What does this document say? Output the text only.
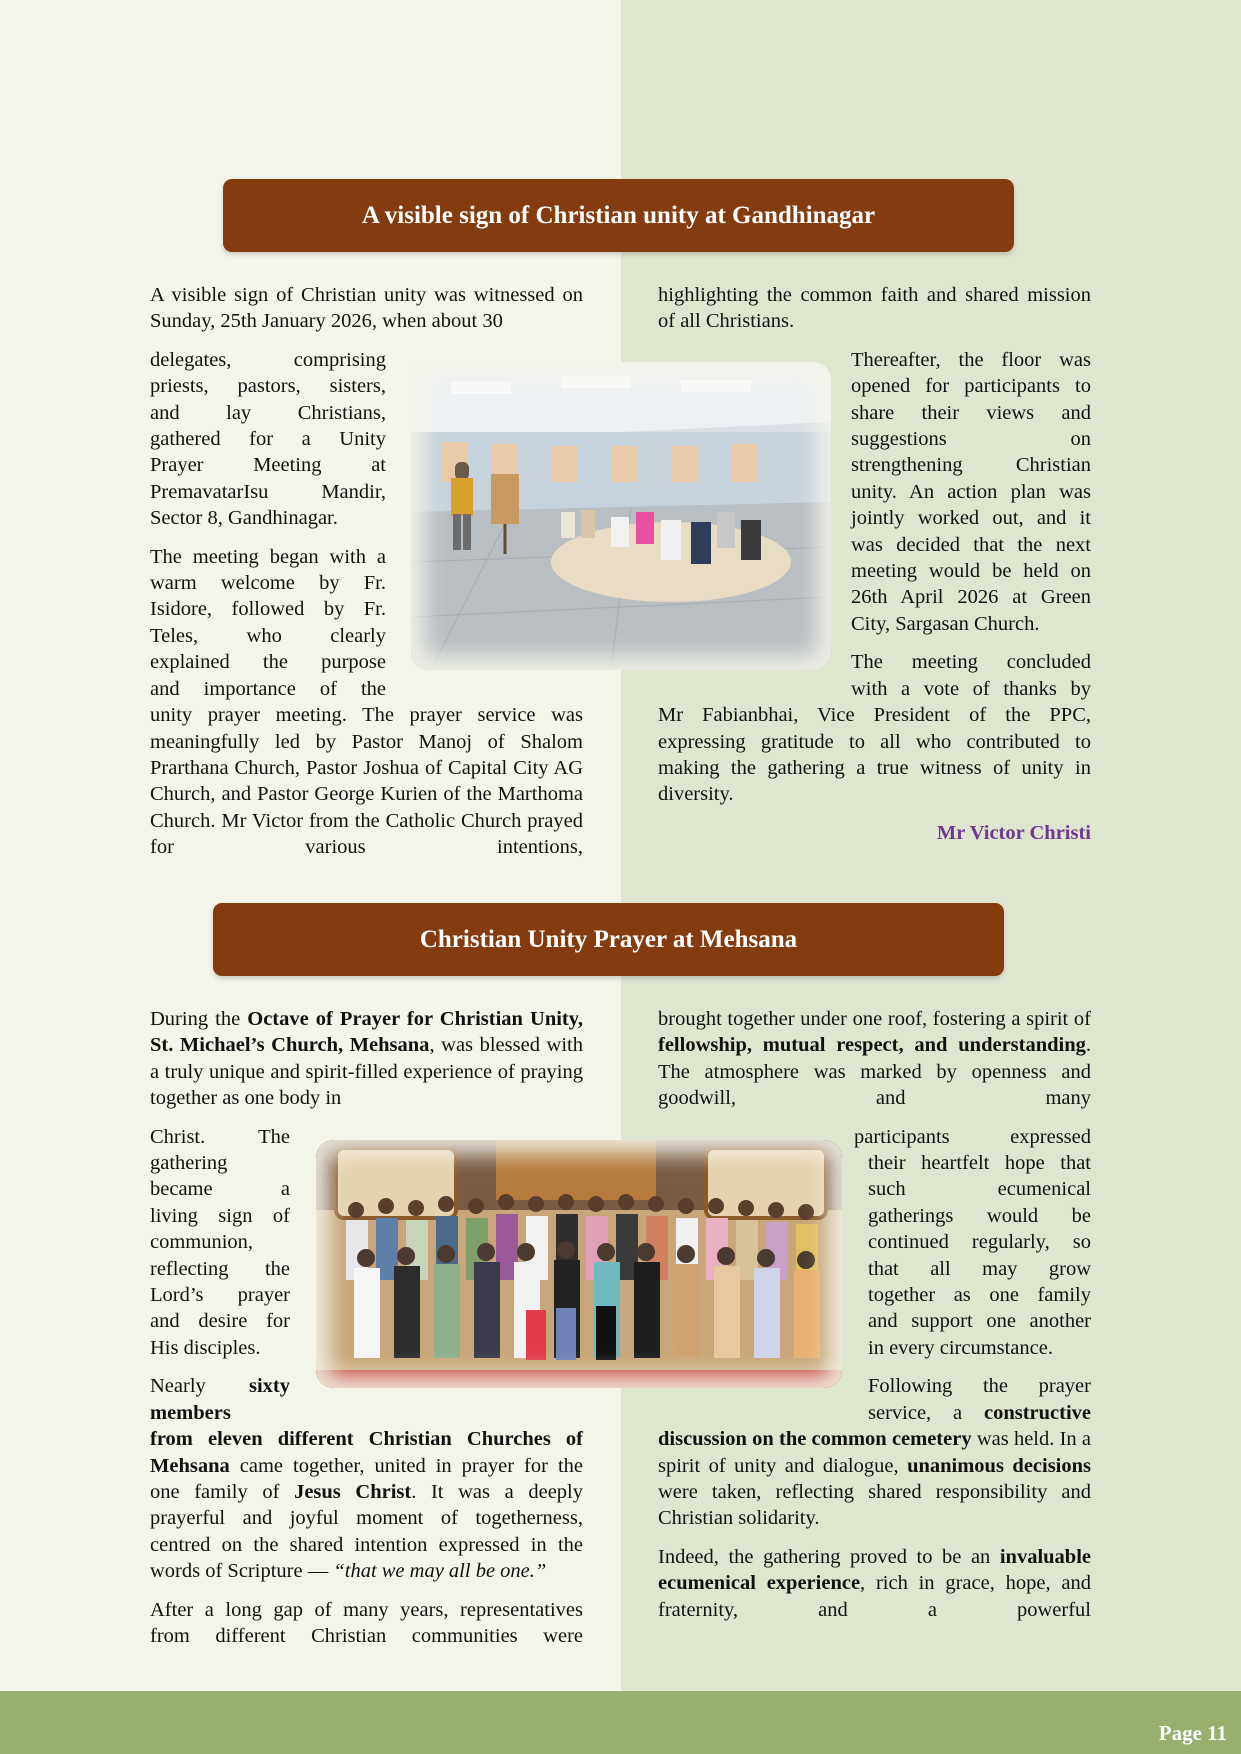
A visible sign of Christian unity at Gandhinagar

A visible sign of Christian unity was witnessed on Sunday, 25th January 2026, when about 30

delegates, comprising
priests, pastors, sisters,
and lay Christians,
gathered for a Unity
Prayer Meeting at
PremavatarIsu Mandir,
Sector 8, Gandhinagar.
The meeting began with a
warm welcome by Fr.
Isidore, followed by Fr.
Teles, who clearly
explained the purpose
and importance of the

unity prayer meeting. The prayer service was meaningfully led by Pastor Manoj of Shalom Prarthana Church, Pastor Joshua of Capital City AG Church, and Pastor George Kurien of the Marthoma Church. Mr Victor from the Catholic Church prayed for various intentions,

highlighting the common faith and shared mission of all Christians.

Thereafter, the floor was
opened for participants to
share their views and
suggestions on
strengthening Christian
unity. An action plan was
jointly worked out, and it
was decided that the next
meeting would be held on
26th April 2026 at Green
City, Sargasan Church.
The meeting concluded
with a vote of thanks by

Mr Fabianbhai, Vice President of the PPC, expressing gratitude to all who contributed to making the gathering a true witness of unity in diversity.

Mr Victor Christi
Christian Unity Prayer at Mehsana

During the Octave of Prayer for Christian Unity, St. Michael’s Church, Mehsana, was blessed with a truly unique and spirit-filled experience of praying together as one body in

Christ. The
gathering
became a
living sign of
communion,
reflecting the
Lord’s prayer
and desire for
His disciples.
Nearly sixty
members

from eleven different Christian Churches of Mehsana came together, united in prayer for the one family of Jesus Christ. It was a deeply prayerful and joyful moment of togetherness, centred on the shared intention expressed in the words of Scripture — “that we may all be one.”

After a long gap of many years, representatives from different Christian communities were

brought together under one roof, fostering a spirit of fellowship, mutual respect, and understanding. The atmosphere was marked by openness and goodwill, and many

participants expressed
their heartfelt hope that
such ecumenical
gatherings would be
continued regularly, so
that all may grow
together as one family
and support one another
in every circumstance.
Following the prayer
service, a constructive

discussion on the common cemetery was held. In a spirit of unity and dialogue, unanimous decisions were taken, reflecting shared responsibility and Christian solidarity.

Indeed, the gathering proved to be an invaluable ecumenical experience, rich in grace, hope, and fraternity, and a powerful

Page 11
